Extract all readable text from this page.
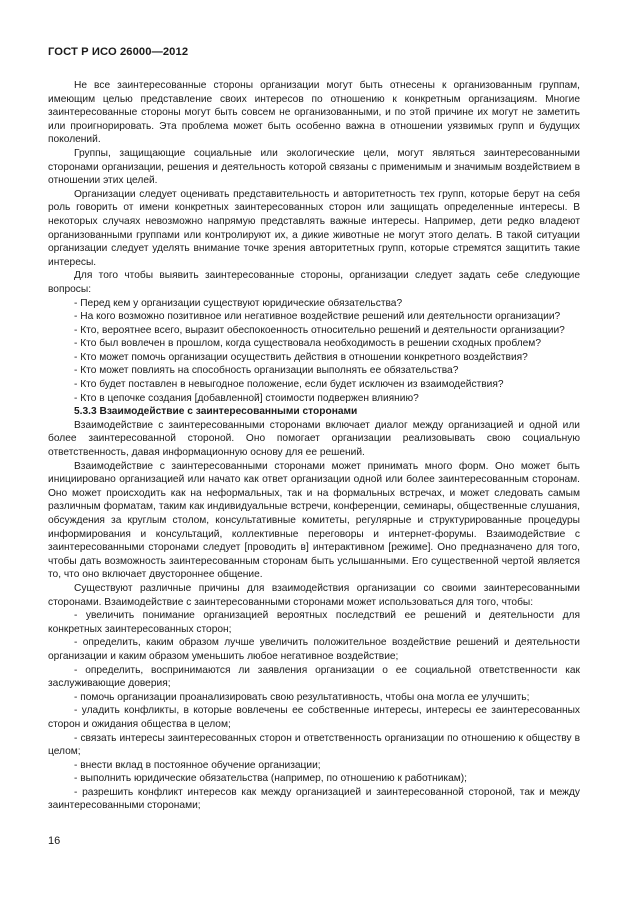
ГОСТ Р ИСО 26000—2012

Не все заинтересованные стороны организации могут быть отнесены к организованным группам, имеющим целью представление своих интересов по отношению к конкретным организациям. Многие заинтересованные стороны могут быть совсем не организованными, и по этой причине их могут не заметить или проигнорировать. Эта проблема может быть особенно важна в отношении уязвимых групп и будущих поколений.

Группы, защищающие социальные или экологические цели, могут являться заинтересованными сторонами организации, решения и деятельность которой связаны с применимым и значимым воздействием в отношении этих целей.

Организации следует оценивать представительность и авторитетность тех групп, которые берут на себя роль говорить от имени конкретных заинтересованных сторон или защищать определенные интересы. В некоторых случаях невозможно напрямую представлять важные интересы. Например, дети редко владеют организованными группами или контролируют их, а дикие животные не могут этого делать. В такой ситуации организации следует уделять внимание точке зрения авторитетных групп, которые стремятся защитить такие интересы.

Для того чтобы выявить заинтересованные стороны, организации следует задать себе следующие вопросы:

- Перед кем у организации существуют юридические обязательства?

- На кого возможно позитивное или негативное воздействие решений или деятельности организации?

- Кто, вероятнее всего, выразит обеспокоенность относительно решений и деятельности организации?

- Кто был вовлечен в прошлом, когда существовала необходимость в решении сходных проблем?

- Кто может помочь организации осуществить действия в отношении конкретного воздействия?

- Кто может повлиять на способность организации выполнять ее обязательства?

- Кто будет поставлен в невыгодное положение, если будет исключен из взаимодействия?

- Кто в цепочке создания [добавленной] стоимости подвержен влиянию?

5.3.3 Взаимодействие с заинтересованными сторонами

Взаимодействие с заинтересованными сторонами включает диалог между организацией и одной или более заинтересованной стороной. Оно помогает организации реализовывать свою социальную ответственность, давая информационную основу для ее решений.

Взаимодействие с заинтересованными сторонами может принимать много форм. Оно может быть инициировано организацией или начато как ответ организации одной или более заинтересованным сторонам. Оно может происходить как на неформальных, так и на формальных встречах, и может следовать самым различным форматам, таким как индивидуальные встречи, конференции, семинары, общественные слушания, обсуждения за круглым столом, консультативные комитеты, регулярные и структурированные процедуры информирования и консультаций, коллективные переговоры и интернет-форумы. Взаимодействие с заинтересованными сторонами следует [проводить в] интерактивном [режиме]. Оно предназначено для того, чтобы дать возможность заинтересованным сторонам быть услышанными. Его существенной чертой является то, что оно включает двустороннее общение.

Существуют различные причины для взаимодействия организации со своими заинтересованными сторонами. Взаимодействие с заинтересованными сторонами может использоваться для того, чтобы:

- увеличить понимание организацией вероятных последствий ее решений и деятельности для конкретных заинтересованных сторон;

- определить, каким образом лучше увеличить положительное воздействие решений и деятельности организации и каким образом уменьшить любое негативное воздействие;

- определить, воспринимаются ли заявления организации о ее социальной ответственности как заслуживающие доверия;

- помочь организации проанализировать свою результативность, чтобы она могла ее улучшить;

- уладить конфликты, в которые вовлечены ее собственные интересы, интересы ее заинтересованных сторон и ожидания общества в целом;

- связать интересы заинтересованных сторон и ответственность организации по отношению к обществу в целом;

- внести вклад в постоянное обучение организации;

- выполнить юридические обязательства (например, по отношению к работникам);

- разрешить конфликт интересов как между организацией и заинтересованной стороной, так и между заинтересованными сторонами;

16
